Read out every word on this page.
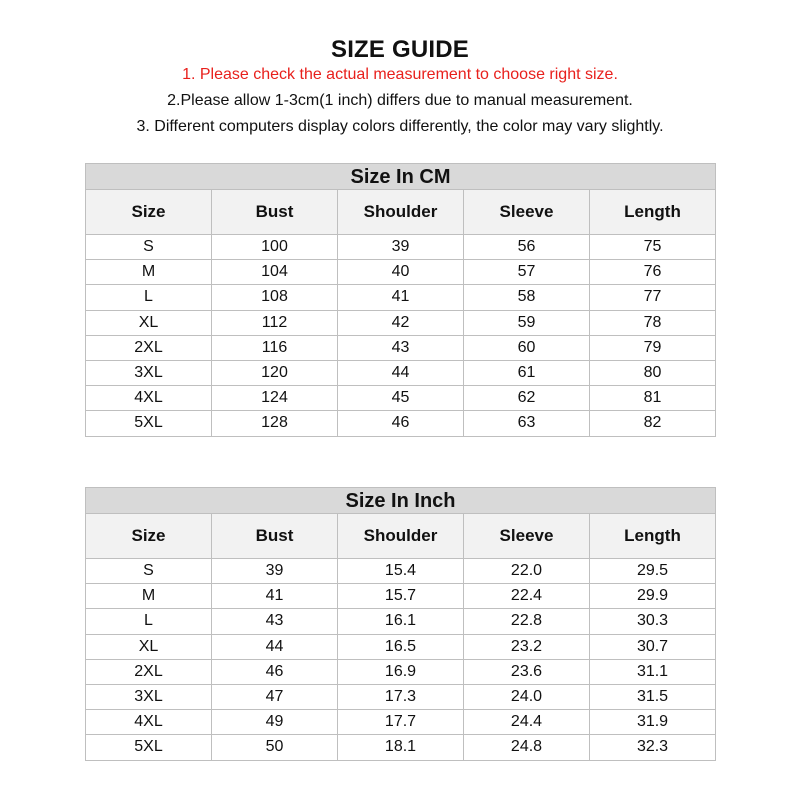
SIZE GUIDE
1. Please check the actual measurement to choose right size.
2.Please allow 1-3cm(1 inch) differs due to manual measurement.
3. Different computers display colors differently, the color may vary slightly.
Size In CM				
Size	Bust	Shoulder	Sleeve	Length
S	100	39	56	75
M	104	40	57	76
L	108	41	58	77
XL	112	42	59	78
2XL	116	43	60	79
3XL	120	44	61	80
4XL	124	45	62	81
5XL	128	46	63	82
Size In Inch				
Size	Bust	Shoulder	Sleeve	Length
S	39	15.4	22.0	29.5
M	41	15.7	22.4	29.9
L	43	16.1	22.8	30.3
XL	44	16.5	23.2	30.7
2XL	46	16.9	23.6	31.1
3XL	47	17.3	24.0	31.5
4XL	49	17.7	24.4	31.9
5XL	50	18.1	24.8	32.3
